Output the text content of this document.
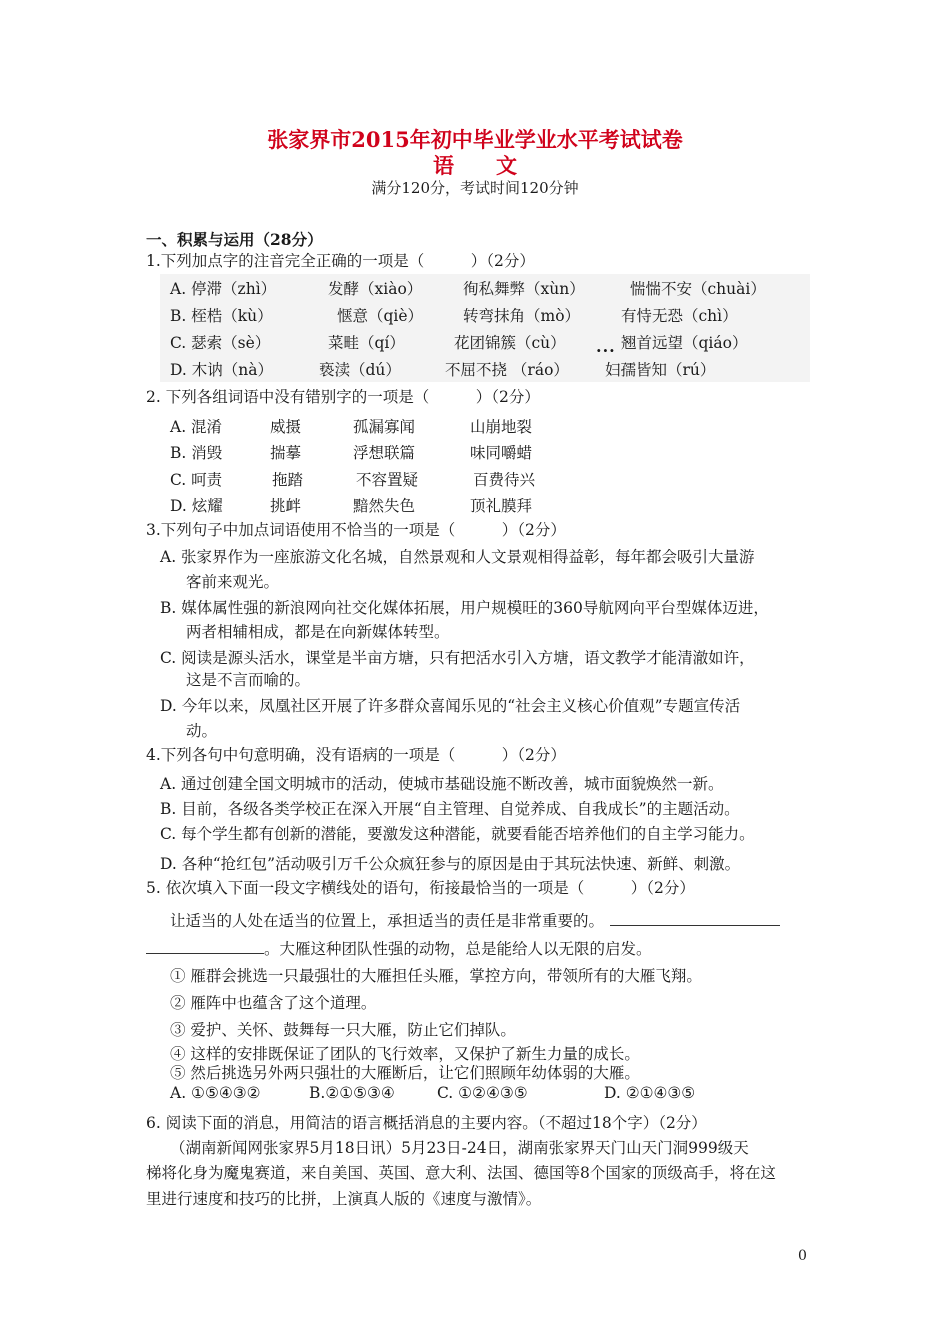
张家界市2015年初中毕业学业水平考试试卷
语　　文
满分120分，考试时间120分钟
一、积累与运用（28分）
1.下列加点字的注音完全正确的一项是（　　　）（2分）
A. 停滞（zhì）	发酵（xiào）	徇私舞弊（xùn）	惴惴不安（chuài）
B. 桎梏（kù）	惬意（qiè）	转弯抹角（mò）	有恃无恐（chì）
C. 瑟索（sè）	菜畦（qí）	花团锦簇（cù）	翘首远望（qiáo）
···
D. 木讷（nà）	亵渎（dú）	不屈不挠 （ráo） 妇孺皆知（rú）
2. 下列各组词语中没有错别字的一项是（　　　）（2分）
A. 混淆	威摄	孤漏寡闻	山崩地裂
B. 消毁	揣摹	浮想联篇	味同嚼蜡
C. 呵责	拖踏	不容置疑	百费待兴
D. 炫耀	挑衅	黯然失色	顶礼膜拜
3.下列句子中加点词语使用不恰当的一项是（　　　）（2分）
A. 张家界作为一座旅游文化名城，自然景观和人文景观相得益彰，每年都会吸引大量游
客前来观光。
B. 媒体属性强的新浪网向社交化媒体拓展，用户规模旺的360导航网向平台型媒体迈进，
两者相辅相成，都是在向新媒体转型。
C. 阅读是源头活水，课堂是半亩方塘，只有把活水引入方塘，语文教学才能清澈如许，
这是不言而喻的。
D. 今年以来，凤凰社区开展了许多群众喜闻乐见的“社会主义核心价值观”专题宣传活
动。
4.下列各句中句意明确，没有语病的一项是（　　　）（2分）
A. 通过创建全国文明城市的活动，使城市基础设施不断改善，城市面貌焕然一新。
B. 目前，各级各类学校正在深入开展“自主管理、自觉养成、自我成长”的主题活动。
C. 每个学生都有创新的潜能，要激发这种潜能，就要看能否培养他们的自主学习能力。
D. 各种“抢红包”活动吸引万千公众疯狂参与的原因是由于其玩法快速、新鲜、刺激。
5. 依次填入下面一段文字横线处的语句，衔接最恰当的一项是（　　　）（2分）
让适当的人处在适当的位置上，承担适当的责任是非常重要的。
。大雁这种团队性强的动物，总是能给人以无限的启发。
① 雁群会挑选一只最强壮的大雁担任头雁，掌控方向，带领所有的大雁飞翔。
② 雁阵中也蕴含了这个道理。
③ 爱护、关怀、鼓舞每一只大雁，防止它们掉队。
④ 这样的安排既保证了团队的飞行效率，又保护了新生力量的成长。
⑤ 然后挑选另外两只强壮的大雁断后，让它们照顾年幼体弱的大雁。
A. ①⑤④③②	B.②①⑤③④	C. ①②④③⑤	D. ②①④③⑤
6. 阅读下面的消息，用简洁的语言概括消息的主要内容。（不超过18个字）（2分）
（湖南新闻网张家界5月18日讯）5月23日-24日，湖南张家界天门山天门洞999级天
梯将化身为魔鬼赛道，来自美国、英国、意大利、法国、德国等8个国家的顶级高手，将在这
里进行速度和技巧的比拼，上演真人版的《速度与激情》。
0
